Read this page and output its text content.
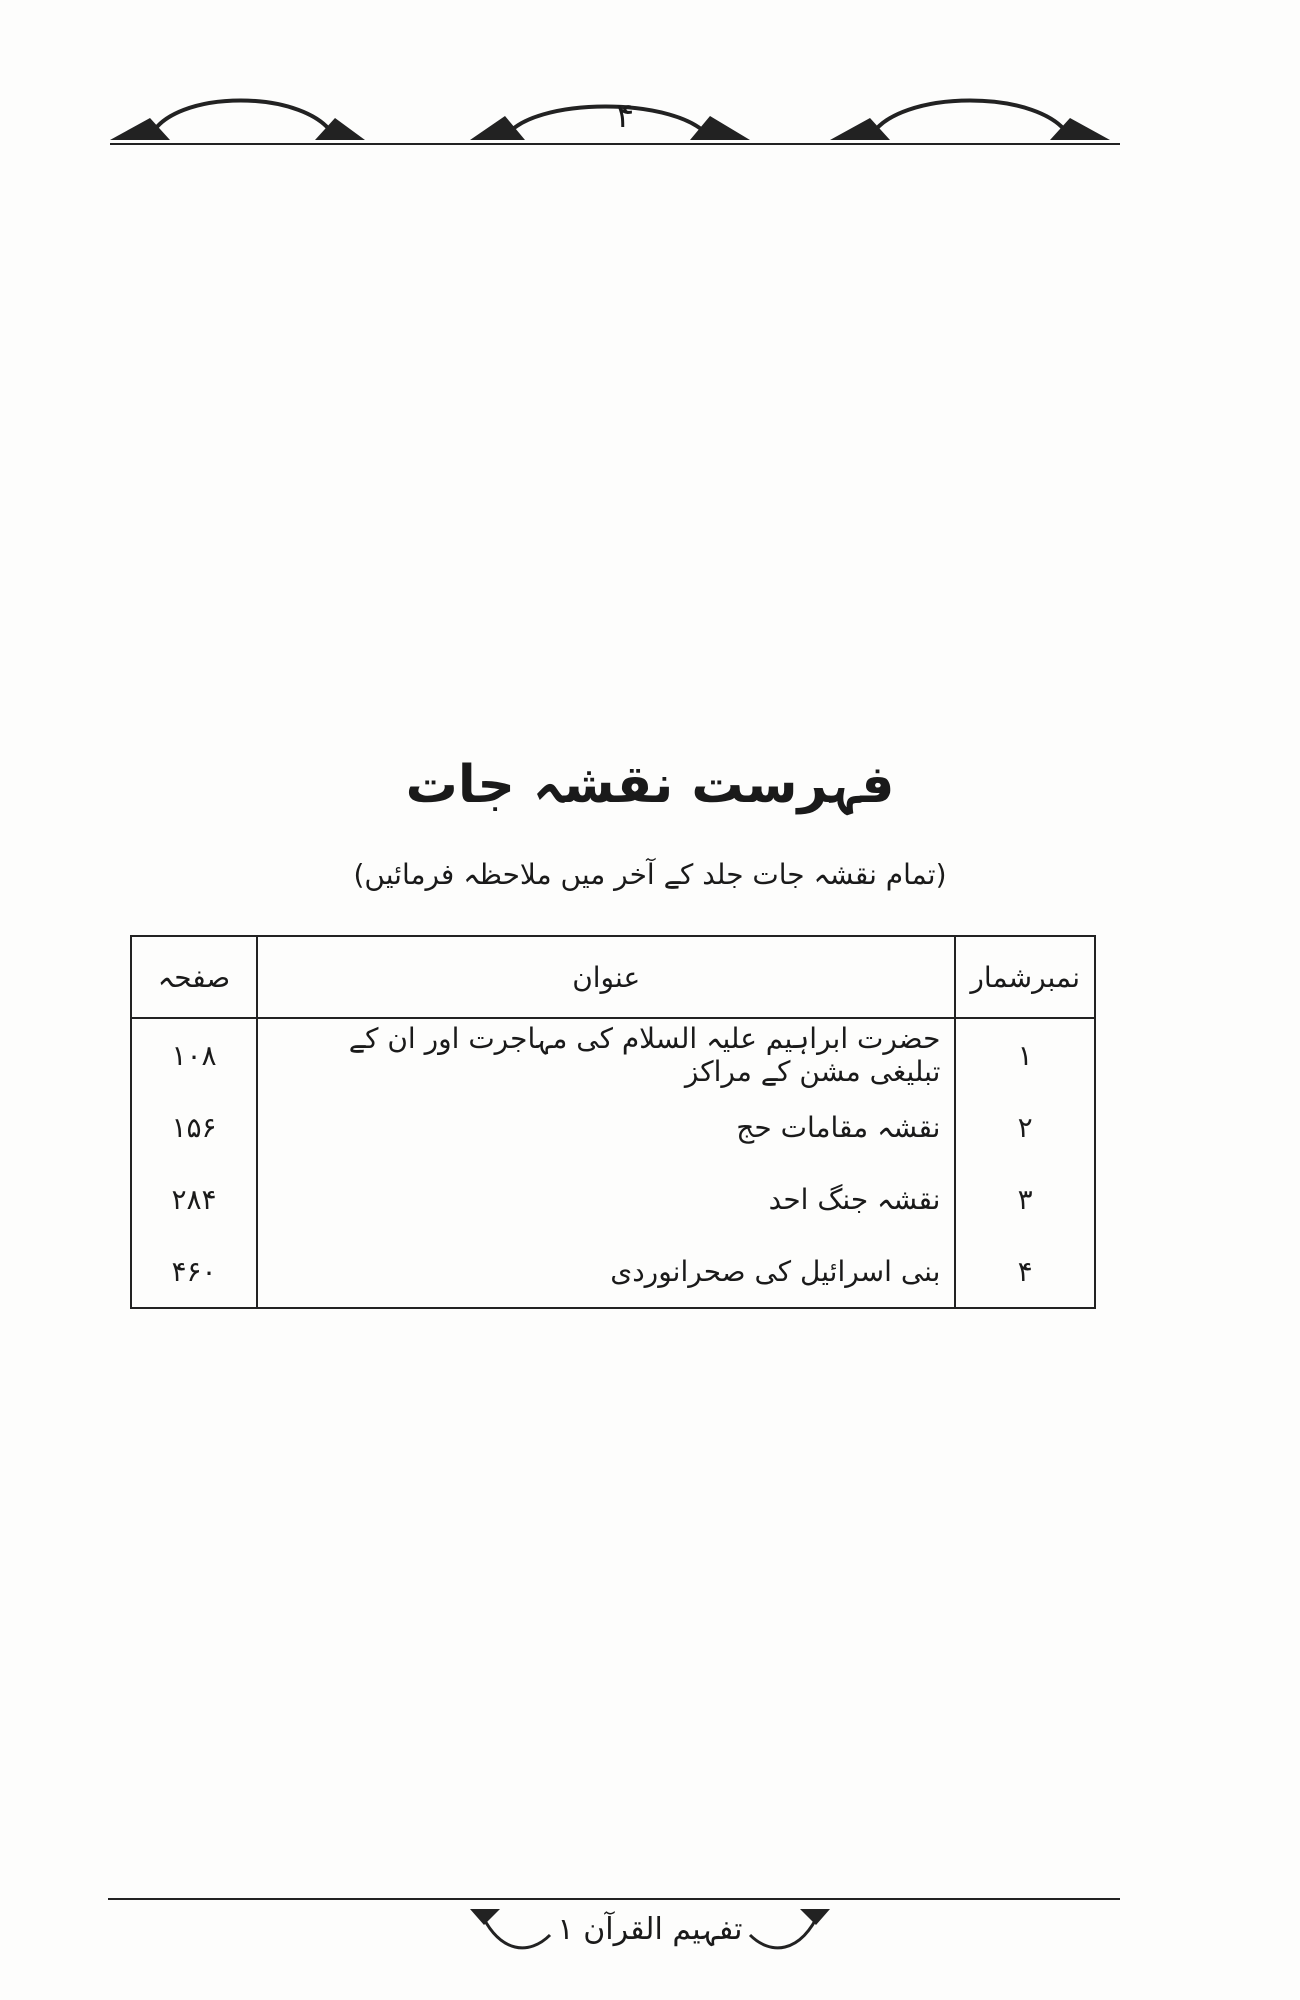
۴
فہرست نقشہ جات
(تمام نقشہ جات جلد کے آخر میں ملاحظہ فرمائیں)
نمبرشمار	عنوان	صفحہ
۱	حضرت ابراہیم علیہ السلام کی مہاجرت اور ان کے تبلیغی مشن کے مراکز	۱۰۸
۲	نقشہ مقامات حج	۱۵۶
۳	نقشہ جنگ احد	۲۸۴
۴	بنی اسرائیل کی صحرانوردی	۴۶۰
تفہیم القرآن ۱
